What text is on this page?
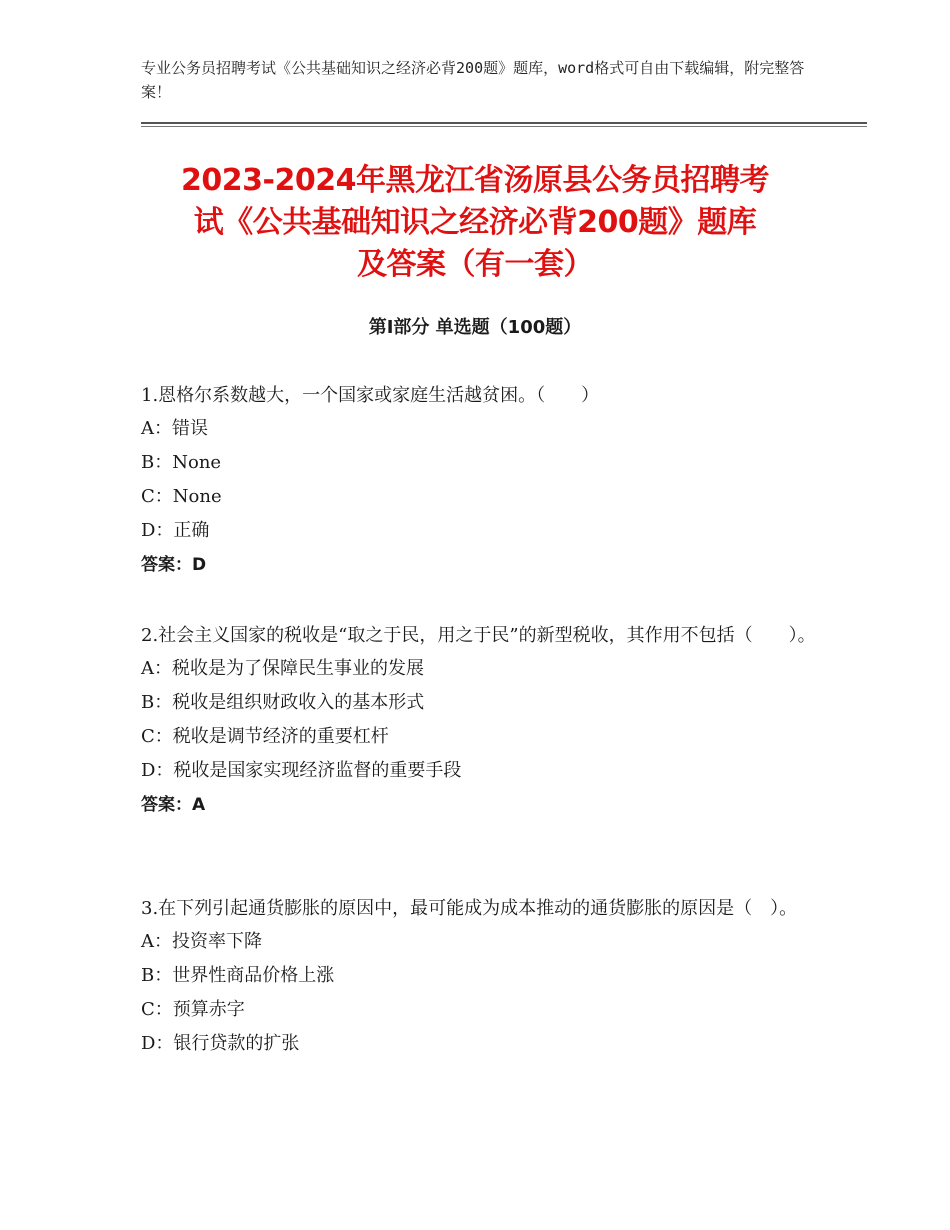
专业公务员招聘考试《公共基础知识之经济必背200题》题库，word格式可自由下载编辑，附完整答案！
2023-2024年黑龙江省汤原县公务员招聘考
试《公共基础知识之经济必背200题》题库
及答案（有一套）
第Ⅰ部分 单选题（100题）
1.恩格尔系数越大，一个国家或家庭生活越贫困。（　　）
A：错误
B：None
C：None
D：正确
答案：D
2.社会主义国家的税收是“取之于民，用之于民”的新型税收，其作用不包括（　　）。
A：税收是为了保障民生事业的发展
B：税收是组织财政收入的基本形式
C：税收是调节经济的重要杠杆
D：税收是国家实现经济监督的重要手段
答案：A
3.在下列引起通货膨胀的原因中，最可能成为成本推动的通货膨胀的原因是（　）。
A：投资率下降
B：世界性商品价格上涨
C：预算赤字
D：银行贷款的扩张
